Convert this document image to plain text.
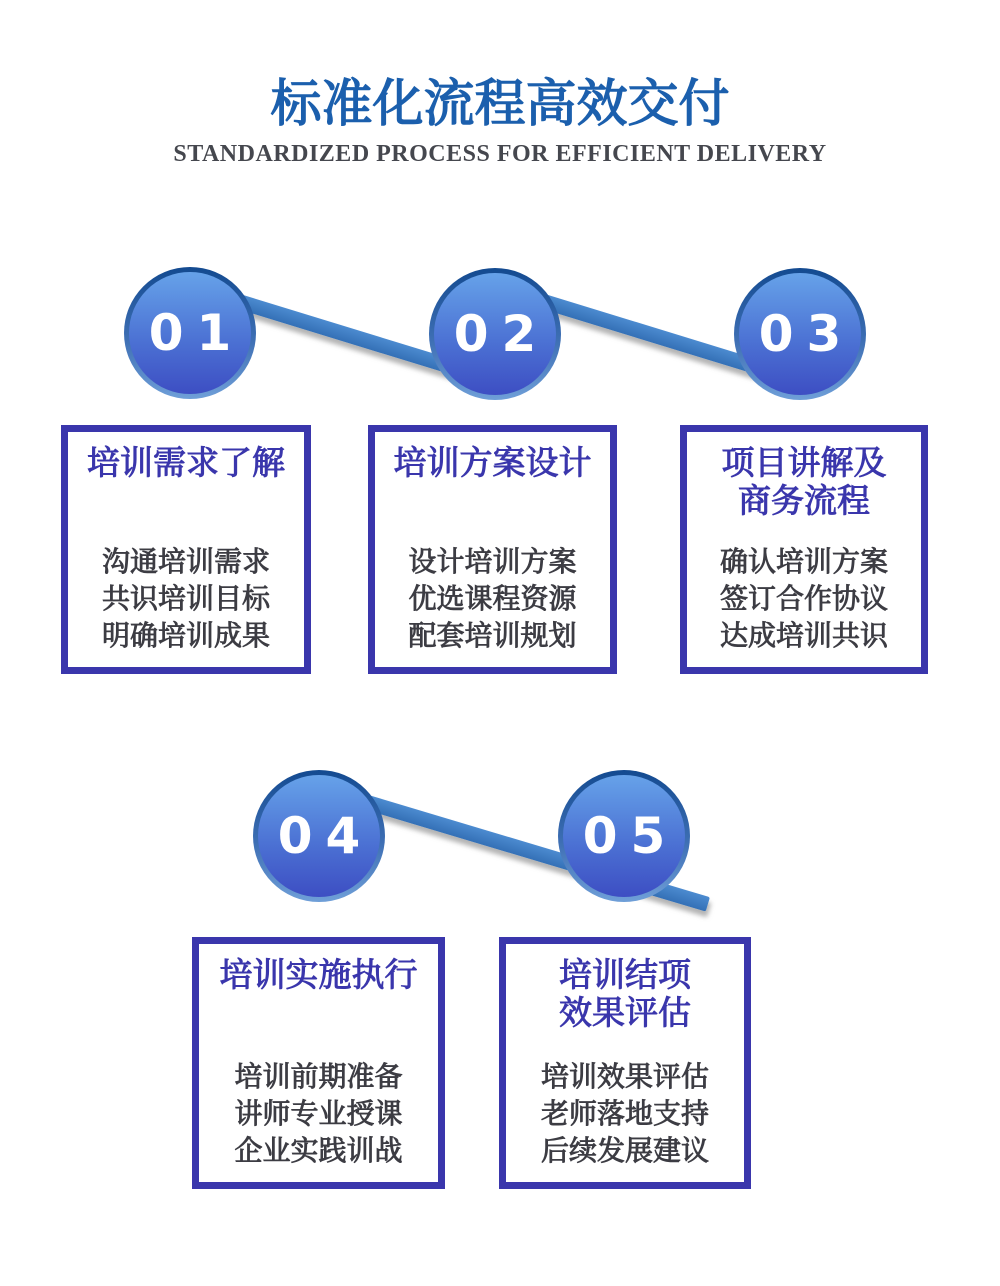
标准化流程高效交付
STANDARDIZED PROCESS FOR EFFICIENT DELIVERY
01	02	03
04	05
培训需求了解
沟通培训需求
共识培训目标
明确培训成果
培训方案设计
设计培训方案
优选课程资源
配套培训规划
项目讲解及
商务流程
确认培训方案
签订合作协议
达成培训共识
培训实施执行
培训前期准备
讲师专业授课
企业实践训战
培训结项
效果评估
培训效果评估
老师落地支持
后续发展建议
